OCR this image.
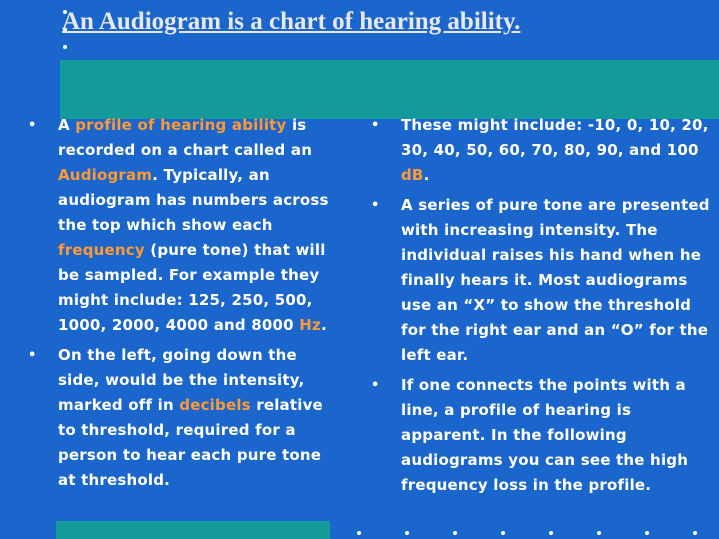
An Audiogram is a chart of hearing ability.
• A profile of hearing ability is recorded on a chart called an Audiogram. Typically, an audiogram has numbers across the top which show each frequency (pure tone) that will be sampled. For example they might include: 125, 250, 500, 1000, 2000, 4000 and 8000 Hz.
• On the left, going down the side, would be the intensity, marked off in decibels relative to threshold, required for a person to hear each pure tone at threshold.
• These might include: -10, 0, 10, 20, 30, 40, 50, 60, 70, 80, 90, and 100 dB.
• A series of pure tone are presented with increasing intensity. The individual raises his hand when he finally hears it. Most audiograms use an “X” to show the threshold for the right ear and an “O” for the left ear.
• If one connects the points with a line, a profile of hearing is apparent. In the following audiograms you can see the high frequency loss in the profile.
